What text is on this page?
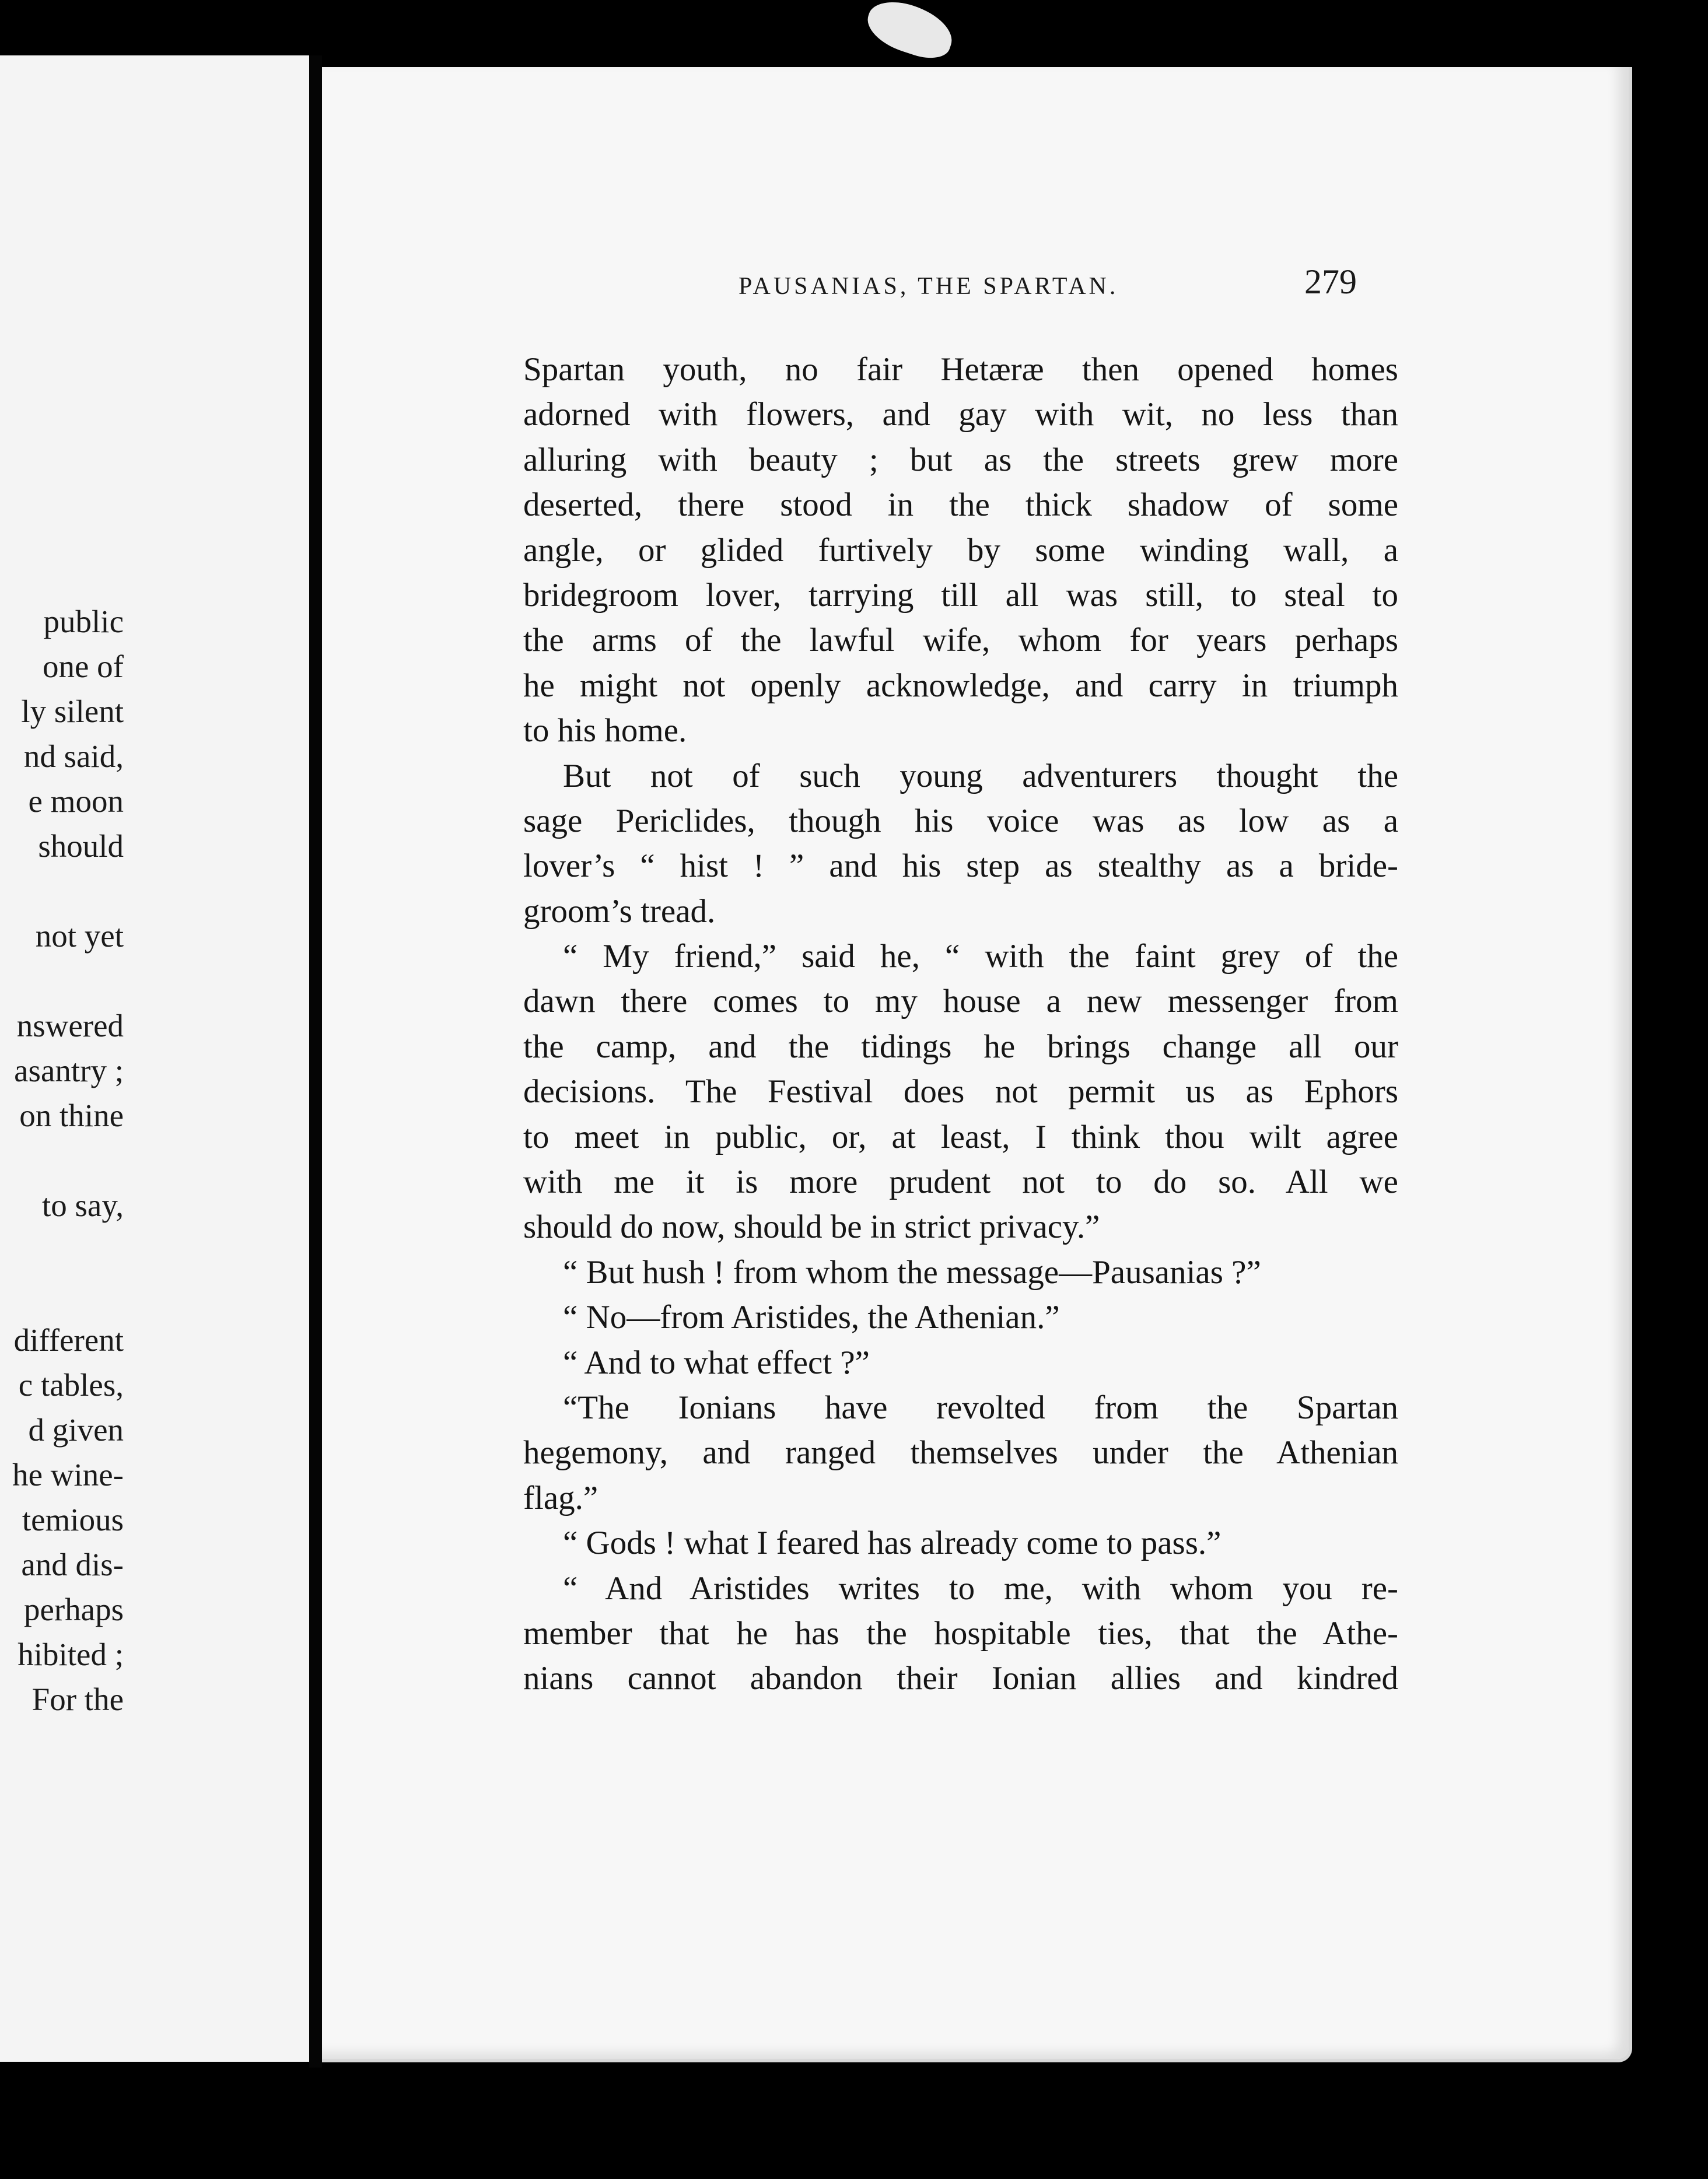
public
one of
ly silent
nd said,
e moon
should
not yet
nswered
asantry ;
on thine
to say,
different
c tables,
d given
he wine-
temious
and dis-
perhaps
hibited ;
For the
PAUSANIAS, THE SPARTAN.	279
Spartan youth, no fair Hetæræ then opened homes
adorned with flowers, and gay with wit, no less than
alluring with beauty ; but as the streets grew more
deserted, there stood in the thick shadow of some
angle, or glided furtively by some winding wall, a
bridegroom lover, tarrying till all was still, to steal to
the arms of the lawful wife, whom for years perhaps
he might not openly acknowledge, and carry in triumph
to his home.
But not of such young adventurers thought the
sage Periclides, though his voice was as low as a
lover’s “ hist ! ” and his step as stealthy as a bride-
groom’s tread.
“ My friend,” said he, “ with the faint grey of the
dawn there comes to my house a new messenger from
the camp, and the tidings he brings change all our
decisions. The Festival does not permit us as Ephors
to meet in public, or, at least, I think thou wilt agree
with me it is more prudent not to do so. All we
should do now, should be in strict privacy.”
“ But hush ! from whom the message—Pausanias ?”
“ No—from Aristides, the Athenian.”
“ And to what effect ?”
“The Ionians have revolted from the Spartan
hegemony, and ranged themselves under the Athenian
flag.”
“ Gods ! what I feared has already come to pass.”
“ And Aristides writes to me, with whom you re-
member that he has the hospitable ties, that the Athe-
nians cannot abandon their Ionian allies and kindred
